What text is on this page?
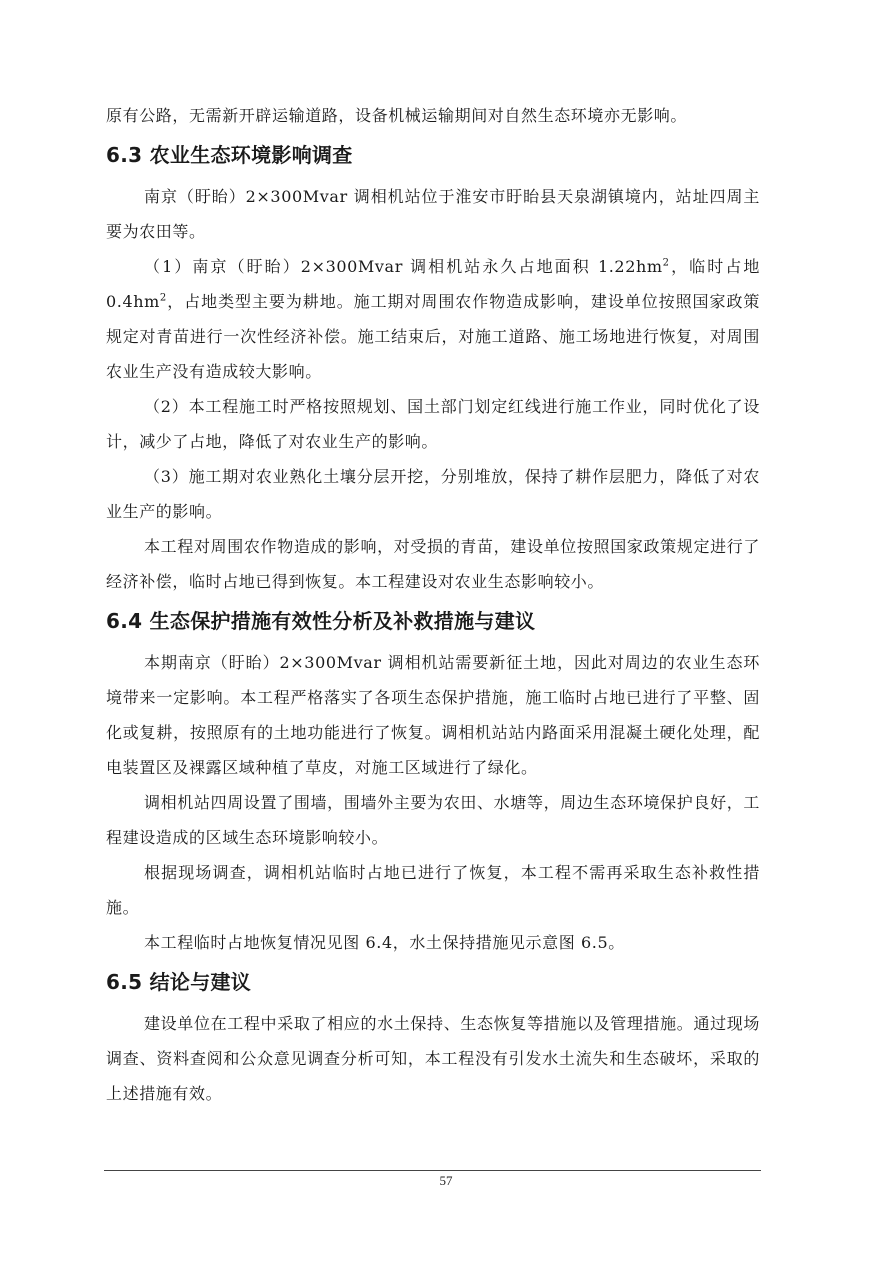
原有公路，无需新开辟运输道路，设备机械运输期间对自然生态环境亦无影响。

6.3 农业生态环境影响调查

南京（盱眙）2×300Mvar 调相机站位于淮安市盱眙县天泉湖镇境内，站址四周主要为农田等。

（1）南京（盱眙）2×300Mvar 调相机站永久占地面积 $1.22hm^2$，临时占地 $0.4hm^2$，占地类型主要为耕地。施工期对周围农作物造成影响，建设单位按照国家政策规定对青苗进行一次性经济补偿。施工结束后，对施工道路、施工场地进行恢复，对周围农业生产没有造成较大影响。

（2）本工程施工时严格按照规划、国土部门划定红线进行施工作业，同时优化了设计，减少了占地，降低了对农业生产的影响。

（3）施工期对农业熟化土壤分层开挖，分别堆放，保持了耕作层肥力，降低了对农业生产的影响。

本工程对周围农作物造成的影响，对受损的青苗，建设单位按照国家政策规定进行了经济补偿，临时占地已得到恢复。本工程建设对农业生态影响较小。

6.4 生态保护措施有效性分析及补救措施与建议

本期南京（盱眙）2×300Mvar 调相机站需要新征土地，因此对周边的农业生态环境带来一定影响。本工程严格落实了各项生态保护措施，施工临时占地已进行了平整、固化或复耕，按照原有的土地功能进行了恢复。调相机站站内路面采用混凝土硬化处理，配电装置区及裸露区域种植了草皮，对施工区域进行了绿化。

调相机站四周设置了围墙，围墙外主要为农田、水塘等，周边生态环境保护良好，工程建设造成的区域生态环境影响较小。

根据现场调查，调相机站临时占地已进行了恢复，本工程不需再采取生态补救性措施。

本工程临时占地恢复情况见图 6.4，水土保持措施见示意图 6.5。

6.5 结论与建议

建设单位在工程中采取了相应的水土保持、生态恢复等措施以及管理措施。通过现场调查、资料查阅和公众意见调查分析可知，本工程没有引发水土流失和生态破坏，采取的上述措施有效。

57
